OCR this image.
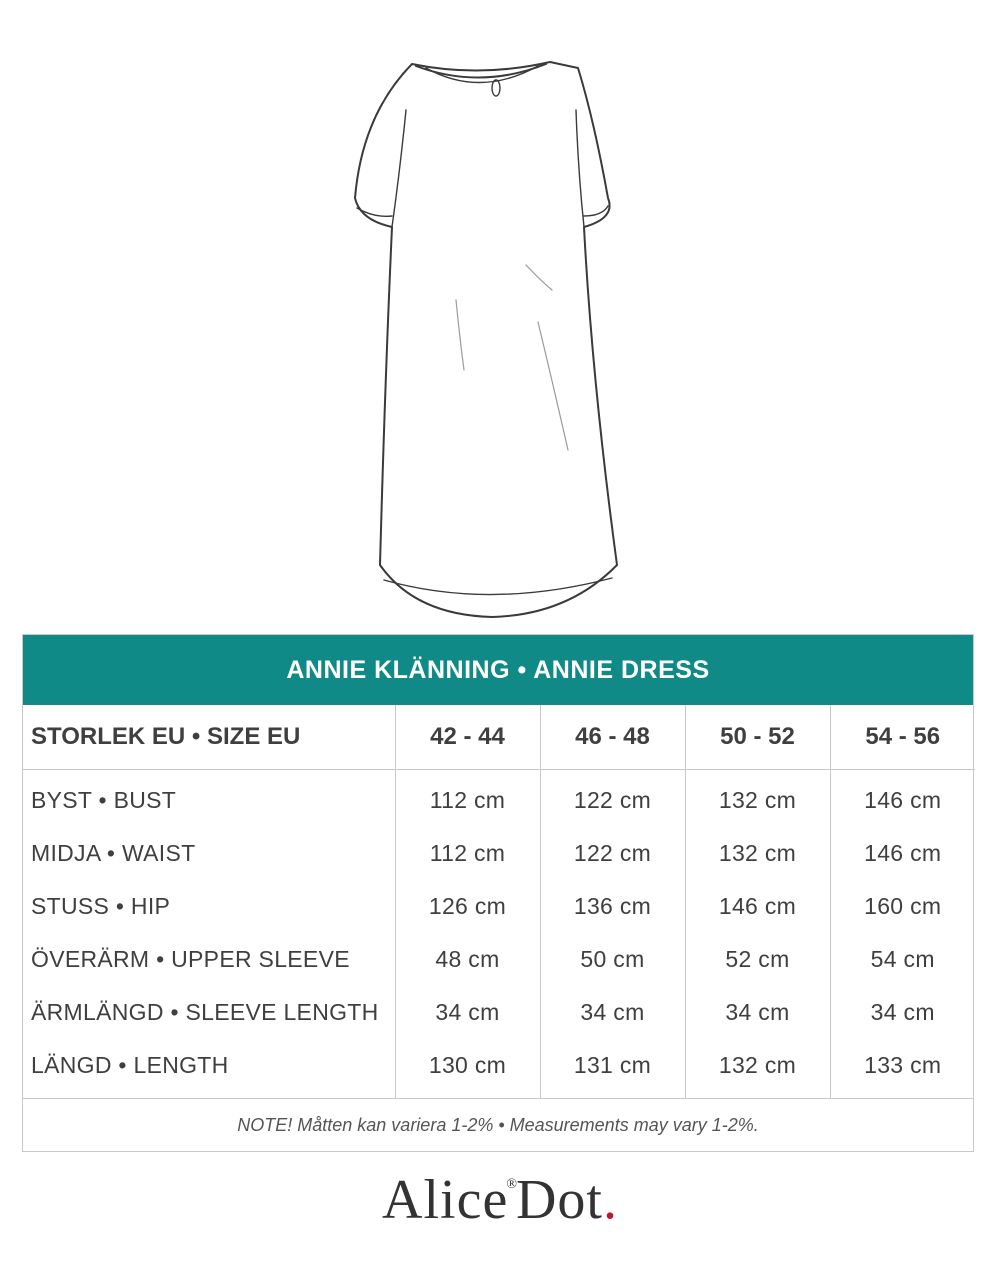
ANNIE KLÄNNING • ANNIE DRESS
STORLEK EU • SIZE EU	42 - 44	46 - 48	50 - 52	54 - 56
BYST • BUST	112 cm	122 cm	132 cm	146 cm
MIDJA • WAIST	112 cm	122 cm	132 cm	146 cm
STUSS • HIP	126 cm	136 cm	146 cm	160 cm
ÖVERÄRM • UPPER SLEEVE	48 cm	50 cm	52 cm	54 cm
ÄRMLÄNGD • SLEEVE LENGTH	34 cm	34 cm	34 cm	34 cm
LÄNGD • LENGTH	130 cm	131 cm	132 cm	133 cm
NOTE! Måtten kan variera 1-2% • Measurements may vary 1-2%.
Alice®Dot.
